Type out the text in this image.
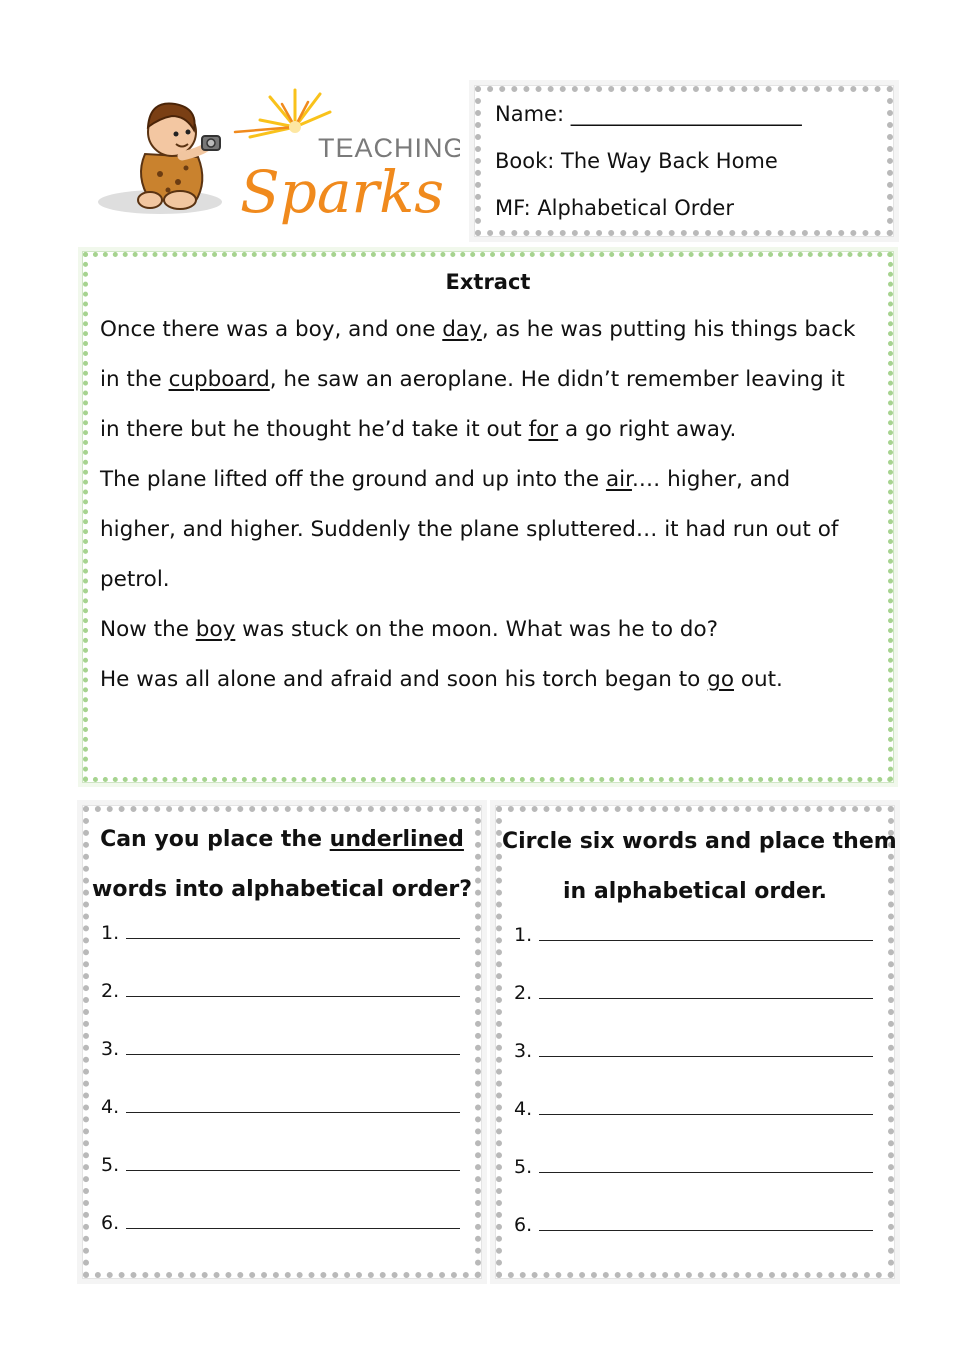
TEACHING
Sparks
Name: ______________________
Book: The Way Back Home
MF: Alphabetical Order
Extract
Once there was a boy, and one day, as he was putting his things back
in the cupboard, he saw an aeroplane. He didn’t remember leaving it
in there but he thought he’d take it out for a go right away.
The plane lifted off the ground and up into the air.… higher, and
higher, and higher. Suddenly the plane spluttered… it had run out of
petrol.
Now the boy was stuck on the moon. What was he to do?
He was all alone and afraid and soon his torch began to go out.
Can you place the underlined
words into alphabetical order?
1.
2.
3.
4.
5.
6.
Circle six words and place them
in alphabetical order.
1.
2.
3.
4.
5.
6.
